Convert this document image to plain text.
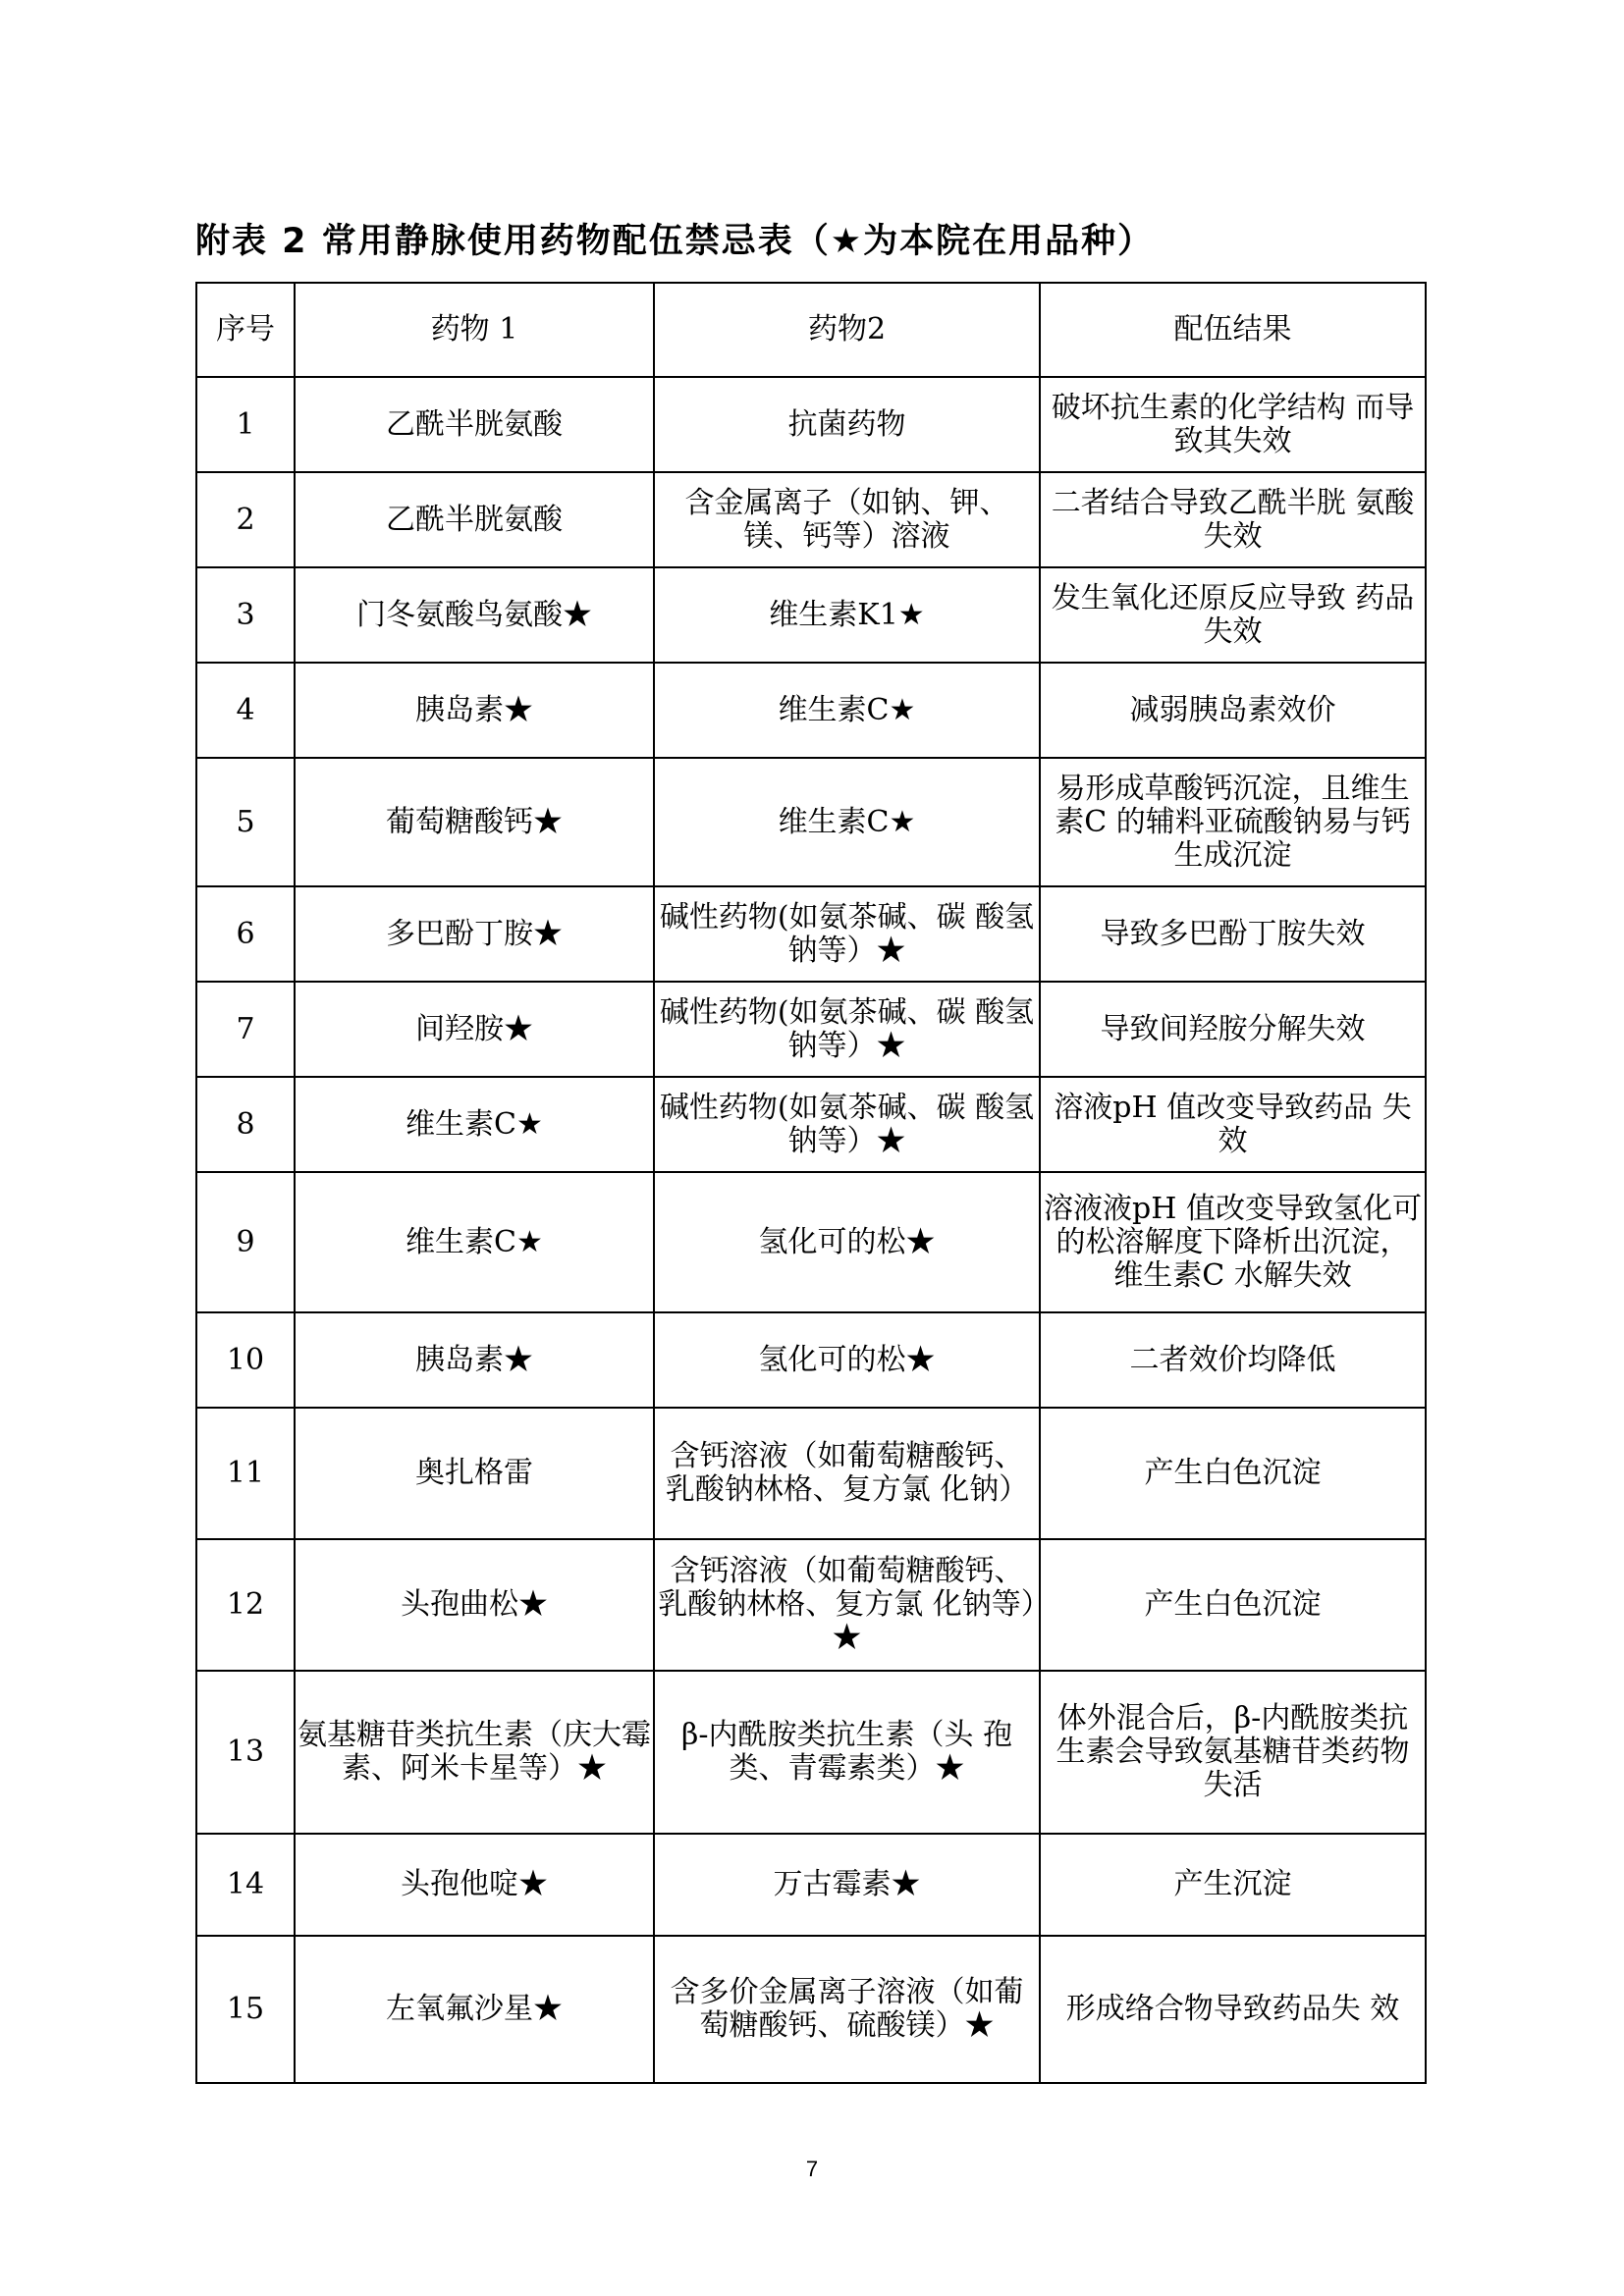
附表 2 常用静脉使用药物配伍禁忌表（★为本院在用品种）
序号	药物 1	药物2	配伍结果
1	乙酰半胱氨酸	抗菌药物	破坏抗生素的化学结构 而导致其失效
2	乙酰半胱氨酸	含金属离子（如钠、钾、 镁、钙等）溶液	二者结合导致乙酰半胱 氨酸失效
3	门冬氨酸鸟氨酸★	维生素K1★	发生氧化还原反应导致 药品失效
4	胰岛素★	维生素C★	减弱胰岛素效价
5	葡萄糖酸钙★	维生素C★	易形成草酸钙沉淀，且维生素C 的辅料亚硫酸钠易与钙生成沉淀
6	多巴酚丁胺★	碱性药物(如氨茶碱、碳 酸氢钠等）★	导致多巴酚丁胺失效
7	间羟胺★	碱性药物(如氨茶碱、碳 酸氢钠等）★	导致间羟胺分解失效
8	维生素C★	碱性药物(如氨茶碱、碳 酸氢钠等）★	溶液pH 值改变导致药品 失效
9	维生素C★	氢化可的松★	溶液液pH 值改变导致氢化可的松溶解度下降析出沉淀，维生素C 水解失效
10	胰岛素★	氢化可的松★	二者效价均降低
11	奥扎格雷	含钙溶液（如葡萄糖酸钙、乳酸钠林格、复方氯 化钠）	产生白色沉淀
12	头孢曲松★	含钙溶液（如葡萄糖酸钙、乳酸钠林格、复方氯 化钠等）★	产生白色沉淀
13	氨基糖苷类抗生素（庆大霉素、阿米卡星等）★	β-内酰胺类抗生素（头 孢类、青霉素类）★	体外混合后，β-内酰胺类抗生素会导致氨基糖苷类药物失活
14	头孢他啶★	万古霉素★	产生沉淀
15	左氧氟沙星★	含多价金属离子溶液（如葡萄糖酸钙、硫酸镁）★	形成络合物导致药品失 效
7
